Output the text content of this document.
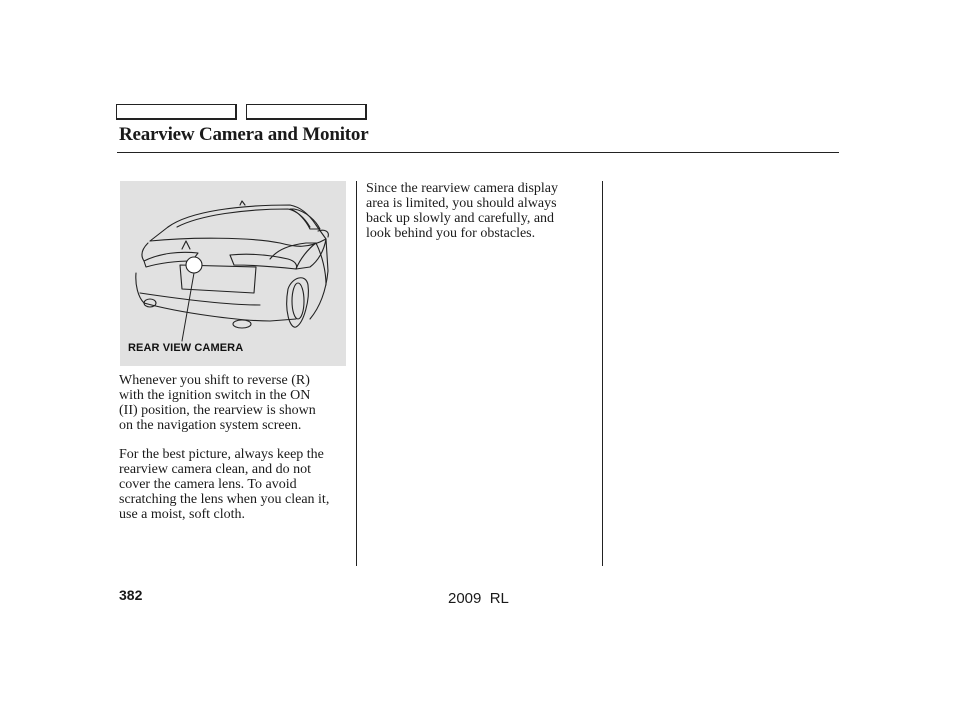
Rearview Camera and Monitor
REAR VIEW CAMERA
Whenever you shift to reverse (R)
with the ignition switch in the ON
(II) position, the rearview is shown
on the navigation system screen.
For the best picture, always keep the
rearview camera clean, and do not
cover the camera lens. To avoid
scratching the lens when you clean it,
use a moist, soft cloth.
Since the rearview camera display
area is limited, you should always
back up slowly and carefully, and
look behind you for obstacles.
382	2009  RL
